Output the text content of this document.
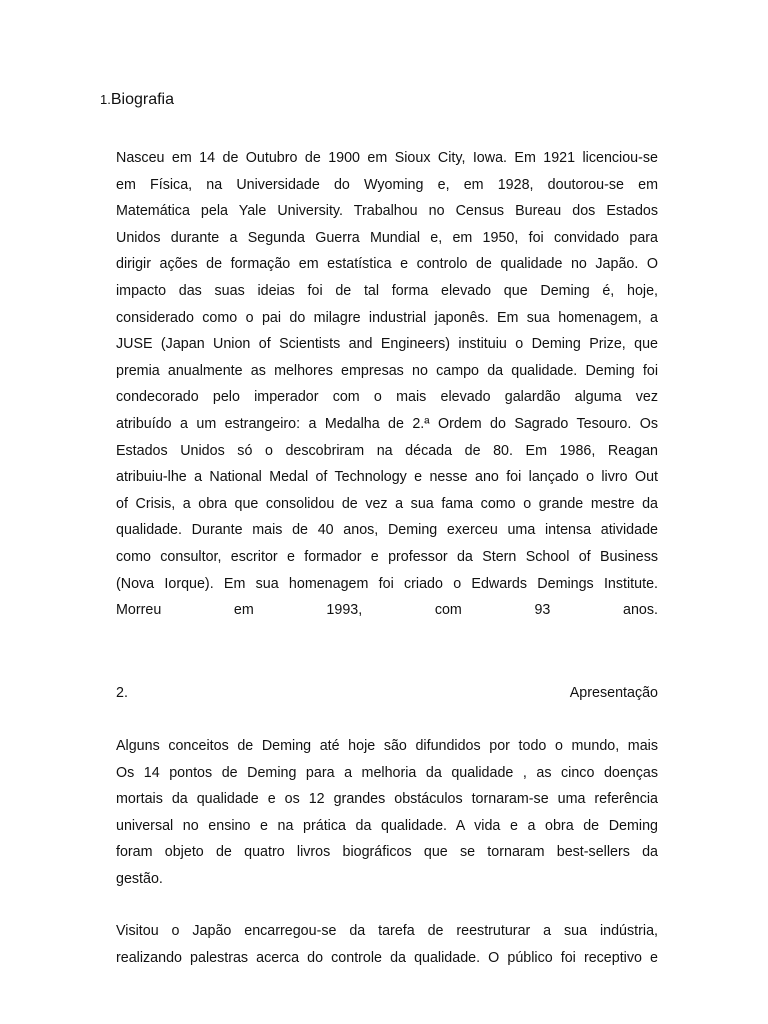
1.Biografia

Nasceu em 14 de Outubro de 1900 em Sioux City, Iowa. Em 1921 licenciou-se
em Física, na Universidade do Wyoming e, em 1928, doutorou-se em
Matemática pela Yale University. Trabalhou no Census Bureau dos Estados
Unidos durante a Segunda Guerra Mundial e, em 1950, foi convidado para
dirigir ações de formação em estatística e controlo de qualidade no Japão. O
impacto das suas ideias foi de tal forma elevado que Deming é, hoje,
considerado como o pai do milagre industrial japonês. Em sua homenagem, a
JUSE (Japan Union of Scientists and Engineers) instituiu o Deming Prize, que
premia anualmente as melhores empresas no campo da qualidade. Deming foi
condecorado pelo imperador com o mais elevado galardão alguma vez
atribuído a um estrangeiro: a Medalha de 2.ª Ordem do Sagrado Tesouro. Os
Estados Unidos só o descobriram na década de 80. Em 1986, Reagan
atribuiu-lhe a National Medal of Technology e nesse ano foi lançado o livro Out
of Crisis, a obra que consolidou de vez a sua fama como o grande mestre da
qualidade. Durante mais de 40 anos, Deming exerceu uma intensa atividade
como consultor, escritor e formador e professor da Stern School of Business
(Nova Iorque). Em sua homenagem foi criado o Edwards Demings Institute.
Morreu em 1993, com 93 anos.

2.	Apresentação

Alguns conceitos de Deming até hoje são difundidos por todo o mundo, mais
Os 14 pontos de Deming para a melhoria da qualidade , as cinco doenças
mortais da qualidade e os 12 grandes obstáculos tornaram-se uma referência
universal no ensino e na prática da qualidade. A vida e a obra de Deming
foram objeto de quatro livros biográficos que se tornaram best-sellers da
gestão.

Visitou o Japão encarregou-se da tarefa de reestruturar a sua indústria,
realizando palestras acerca do controle da qualidade. O público foi receptivo e
